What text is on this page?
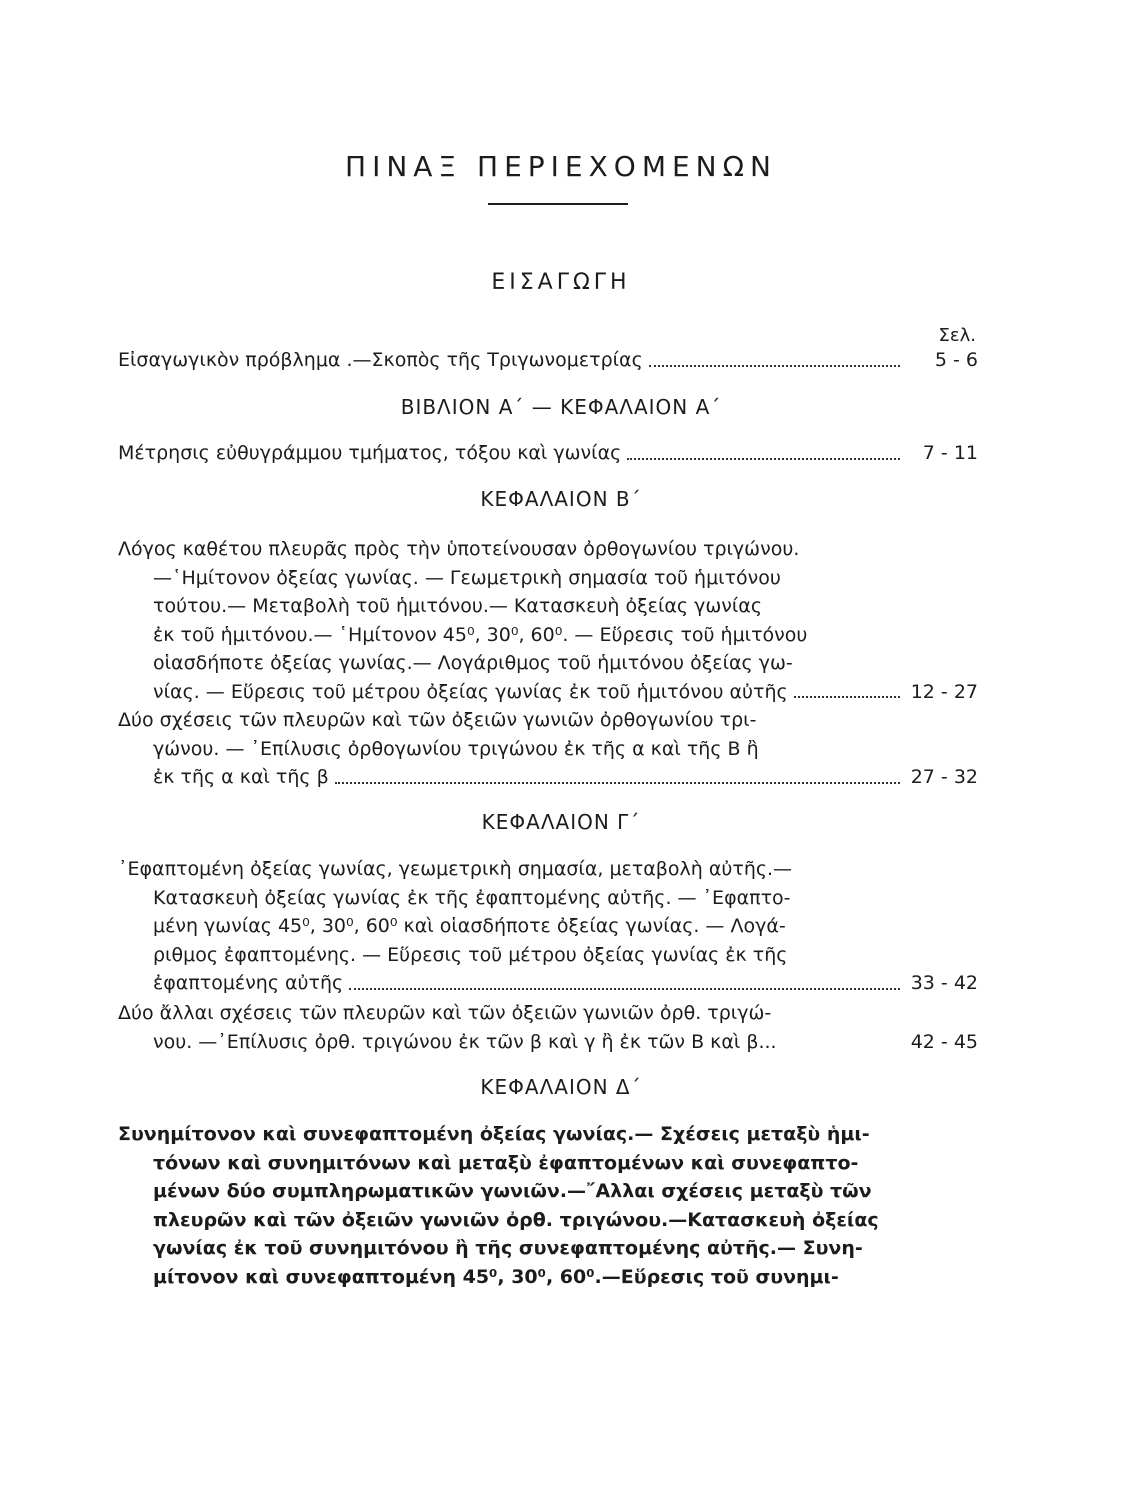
ΠΙΝΑΞ ΠΕΡΙΕΧΟΜΕΝΩΝ
ΕΙΣΑΓΩΓΗ
Σελ.
Εἰσαγωγικὸν πρόβλημα .—Σκοπὸς τῆς Τριγωνομετρίας	5 - 6
ΒΙΒΛΙΟΝ Α΄ — ΚΕΦΑΛΑΙΟΝ Α΄
Μέτρησις εὐθυγράμμου τμήματος, τόξου καὶ γωνίας	7 - 11
ΚΕΦΑΛΑΙΟΝ Β΄
Λόγος καθέτου πλευρᾶς πρὸς τὴν ὑποτείνουσαν ὀρθογωνίου τριγώνου.
—῾Ημίτονον ὀξείας γωνίας. — Γεωμετρικὴ σημασία τοῦ ἡμιτόνου
τούτου.— Μεταβολὴ τοῦ ἡμιτόνου.— Κατασκευὴ ὀξείας γωνίας
ἐκ τοῦ ἡμιτόνου.— ῾Ημίτονον 45⁰, 30⁰, 60⁰. — Εὕρεσις τοῦ ἡμιτόνου
οἱασδήποτε ὀξείας γωνίας.— Λογάριθμος τοῦ ἡμιτόνου ὀξείας γω-
νίας. — Εὕρεσις τοῦ μέτρου ὀξείας γωνίας ἐκ τοῦ ἡμιτόνου αὐτῆς	12 - 27
Δύο σχέσεις τῶν πλευρῶν καὶ τῶν ὀξειῶν γωνιῶν ὀρθογωνίου τρι-
γώνου. — ᾿Επίλυσις ὀρθογωνίου τριγώνου ἐκ τῆς α καὶ τῆς Β ἢ
ἐκ τῆς α καὶ τῆς β	27 - 32
ΚΕΦΑΛΑΙΟΝ Γ΄
᾿Εφαπτομένη ὀξείας γωνίας, γεωμετρικὴ σημασία, μεταβολὴ αὐτῆς.—
Κατασκευὴ ὀξείας γωνίας ἐκ τῆς ἐφαπτομένης αὐτῆς. — ᾿Εφαπτο-
μένη γωνίας 45⁰, 30⁰, 60⁰ καὶ οἱασδήποτε ὀξείας γωνίας. — Λογά-
ριθμος ἐφαπτομένης. — Εὕρεσις τοῦ μέτρου ὀξείας γωνίας ἐκ τῆς
ἐφαπτομένης αὐτῆς	33 - 42
Δύο ἄλλαι σχέσεις τῶν πλευρῶν καὶ τῶν ὀξειῶν γωνιῶν ὀρθ. τριγώ-
νου. —᾿Επίλυσις ὀρθ. τριγώνου ἐκ τῶν β καὶ γ ἢ ἐκ τῶν Β καὶ β...	42 - 45
ΚΕΦΑΛΑΙΟΝ Δ΄
Συνημίτονον καὶ συνεφαπτομένη ὀξείας γωνίας.— Σχέσεις μεταξὺ ἡμι-
τόνων καὶ συνημιτόνων καὶ μεταξὺ ἐφαπτομένων καὶ συνεφαπτο-
μένων δύο συμπληρωματικῶν γωνιῶν.—῎Αλλαι σχέσεις μεταξὺ τῶν
πλευρῶν καὶ τῶν ὀξειῶν γωνιῶν ὀρθ. τριγώνου.—Κατασκευὴ ὀξείας
γωνίας ἐκ τοῦ συνημιτόνου ἢ τῆς συνεφαπτομένης αὐτῆς.— Συνη-
μίτονον καὶ συνεφαπτομένη 45⁰, 30⁰, 60⁰.—Εὕρεσις τοῦ συνημι-
